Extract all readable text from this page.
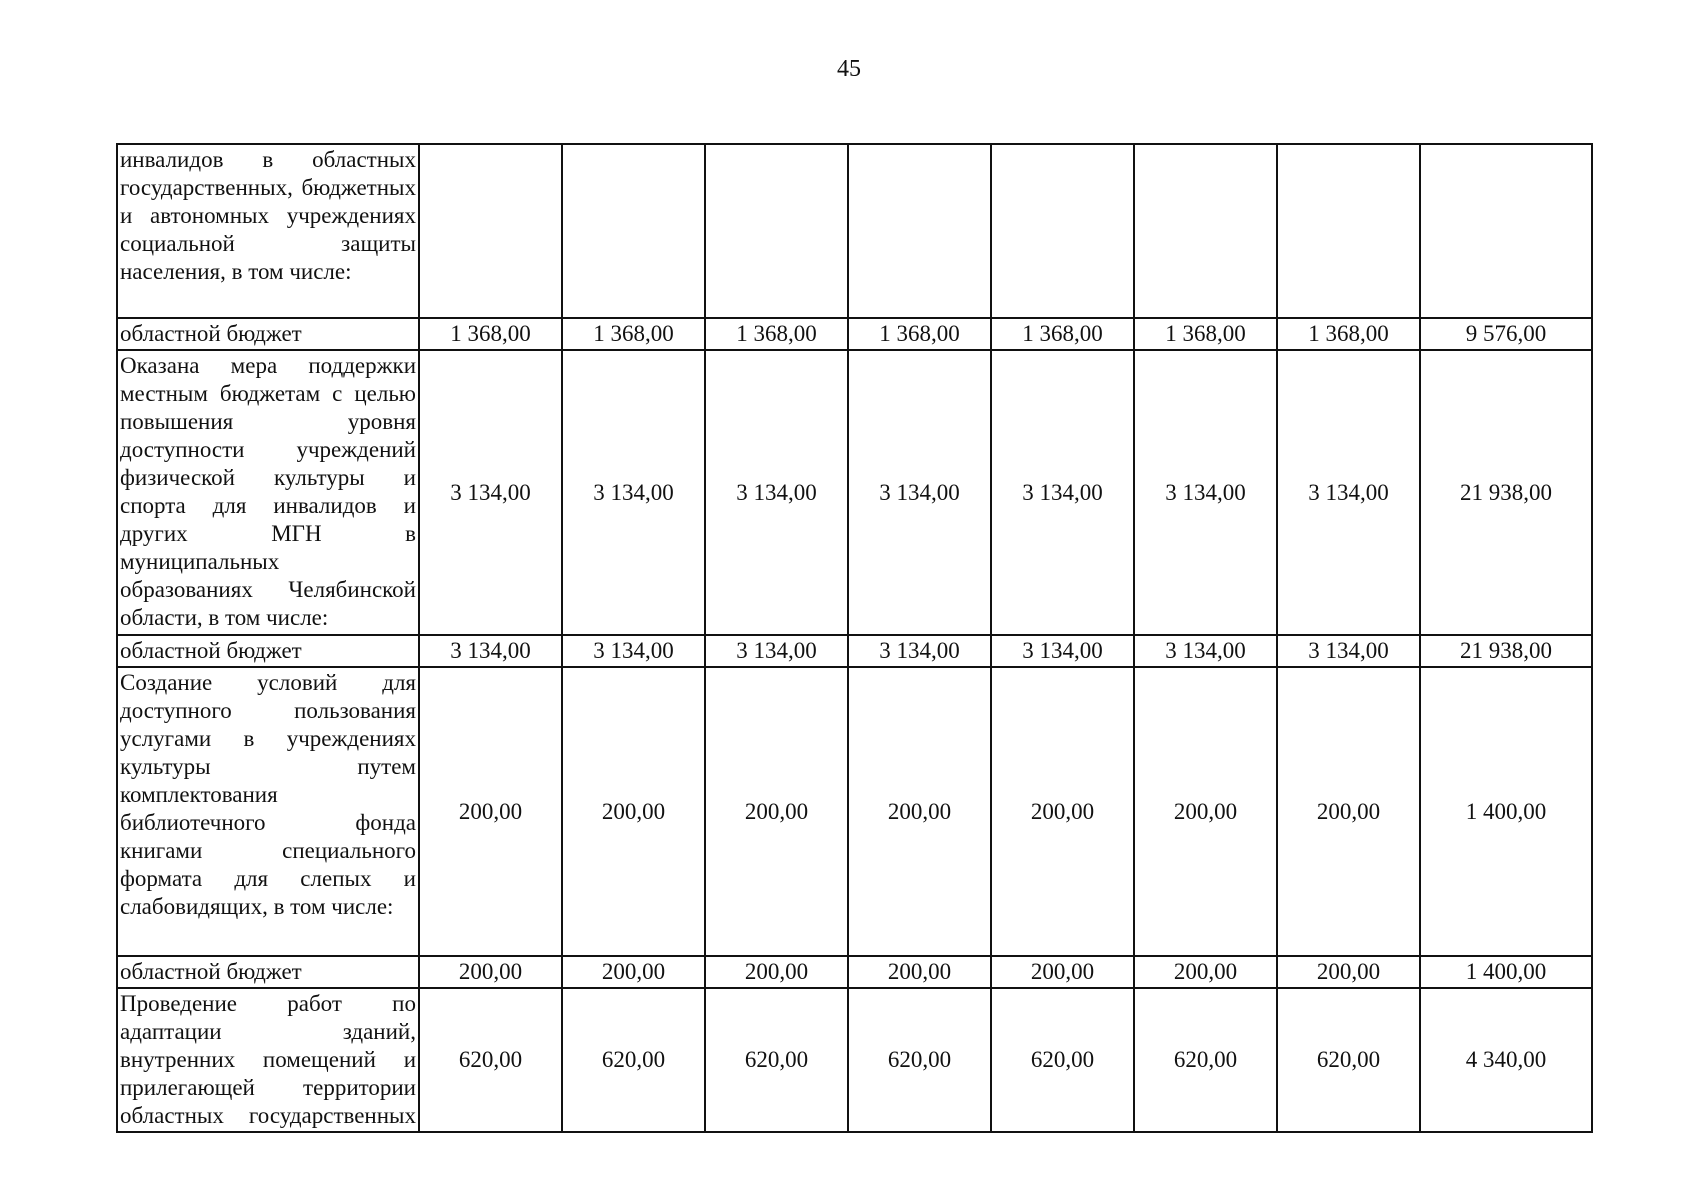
45
инвалидов в областных государственных, бюджетных и автономных учреждениях социальной защиты населения, в том числе:								
областной бюджет	1 368,00	1 368,00	1 368,00	1 368,00	1 368,00	1 368,00	1 368,00	9 576,00
Оказана мера поддержки местным бюджетам с целью повышения уровня доступности учреждений физической культуры и спорта для инвалидов и других МГН в муниципальных образованиях Челябинской области, в том числе:	3 134,00	3 134,00	3 134,00	3 134,00	3 134,00	3 134,00	3 134,00	21 938,00
областной бюджет	3 134,00	3 134,00	3 134,00	3 134,00	3 134,00	3 134,00	3 134,00	21 938,00
Создание условий для доступного пользования услугами в учреждениях культуры путем комплектования библиотечного фонда книгами специального формата для слепых и слабовидящих, в том числе:	200,00	200,00	200,00	200,00	200,00	200,00	200,00	1 400,00
областной бюджет	200,00	200,00	200,00	200,00	200,00	200,00	200,00	1 400,00
Проведение работ по адаптации зданий, внутренних помещений и прилегающей территории областных государственных	620,00	620,00	620,00	620,00	620,00	620,00	620,00	4 340,00
